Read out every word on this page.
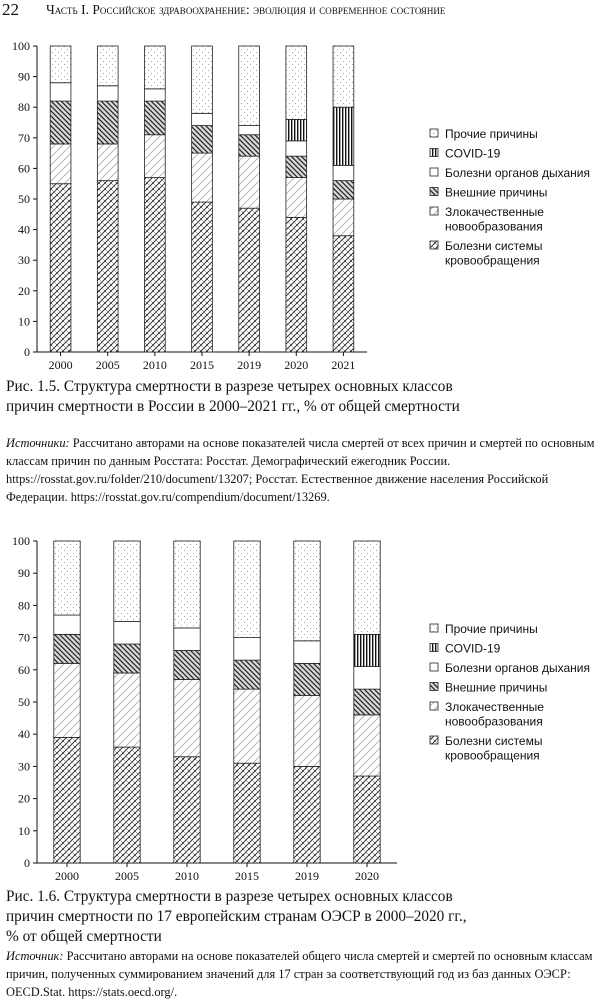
22 Часть I. Российское здравоохранение: эволюция и современное состояние
0
10
20
30
40
50
60
70
80
90
100
2000 2005 2010 2015 2019 2020 2021
Прочие причины
COVID-19
Болезни органов дыхания
Внешние причины
Злокачественные
новообразования
Болезни системы
кровообращения
Рис. 1.5. Структура смертности в разрезе четырех основных классов
причин смертности в России в 2000–2021 гг., % от общей смертности
Источники: Рассчитано авторами на основе показателей числа смертей от всех причин и смертей по основным классам причин по данным Росстата: Росстат. Демографический ежегодник России. https://rosstat.gov.ru/folder/210/document/13207; Росстат. Естественное движение населения Российской Федерации. https://rosstat.gov.ru/compendium/document/13269.
0
10
20
30
40
50
60
70
80
90
100
2000	2005	2010	2015	2019	2020
Прочие причины
COVID-19
Болезни органов дыхания
Внешние причины
Злокачественные
новообразования
Болезни системы
кровообращения
Рис. 1.6. Структура смертности в разрезе четырех основных классов
причин смертности по 17 европейским странам ОЭСР в 2000–2020 гг.,
% от общей смертности
Источник: Рассчитано авторами на основе показателей общего числа смертей и смертей по основным классам причин, полученных суммированием значений для 17 стран за соответствующий год из баз данных ОЭСР: OECD.Stat. https://stats.oecd.org/.
